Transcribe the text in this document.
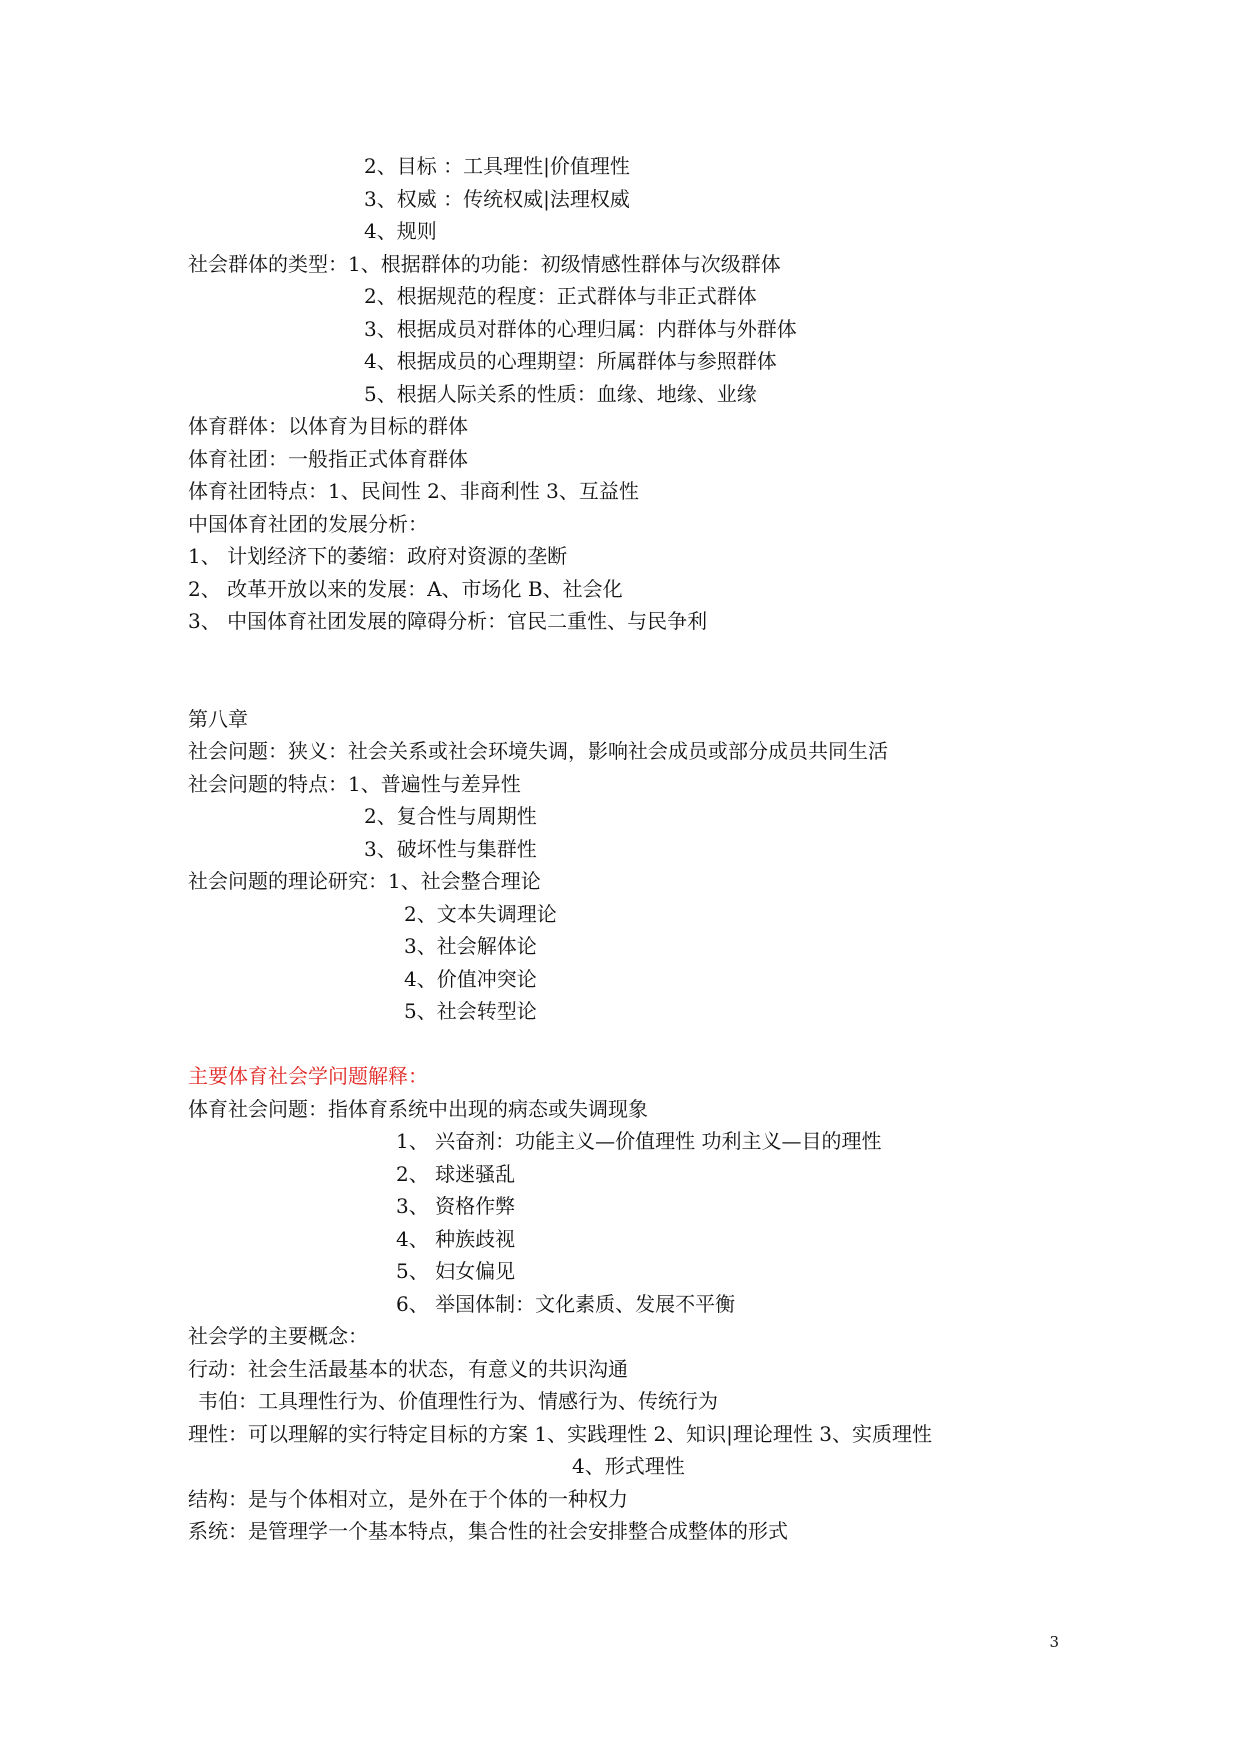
2、目标 ：工具理性|价值理性
3、权威 ：传统权威|法理权威
4、规则
社会群体的类型：1、根据群体的功能：初级情感性群体与次级群体
2、根据规范的程度：正式群体与非正式群体
3、根据成员对群体的心理归属：内群体与外群体
4、根据成员的心理期望：所属群体与参照群体
5、根据人际关系的性质：血缘、地缘、业缘
体育群体：以体育为目标的群体
体育社团：一般指正式体育群体
体育社团特点：1、民间性 2、非商利性 3、互益性
中国体育社团的发展分析：
1、 计划经济下的萎缩：政府对资源的垄断
2、 改革开放以来的发展：A、市场化 B、社会化
3、 中国体育社团发展的障碍分析：官民二重性、与民争利
第八章
社会问题：狭义：社会关系或社会环境失调，影响社会成员或部分成员共同生活
社会问题的特点：1、普遍性与差异性
2、复合性与周期性
3、破坏性与集群性
社会问题的理论研究：1、社会整合理论
2、文本失调理论
3、社会解体论
4、价值冲突论
5、社会转型论
主要体育社会学问题解释：
体育社会问题：指体育系统中出现的病态或失调现象
1、 兴奋剂：功能主义—价值理性 功利主义—目的理性
2、 球迷骚乱
3、 资格作弊
4、 种族歧视
5、 妇女偏见
6、 举国体制：文化素质、发展不平衡
社会学的主要概念：
行动：社会生活最基本的状态，有意义的共识沟通
韦伯：工具理性行为、价值理性行为、情感行为、传统行为
理性：可以理解的实行特定目标的方案 1、实践理性 2、知识|理论理性 3、实质理性
4、形式理性
结构：是与个体相对立，是外在于个体的一种权力
系统：是管理学一个基本特点，集合性的社会安排整合成整体的形式
3
